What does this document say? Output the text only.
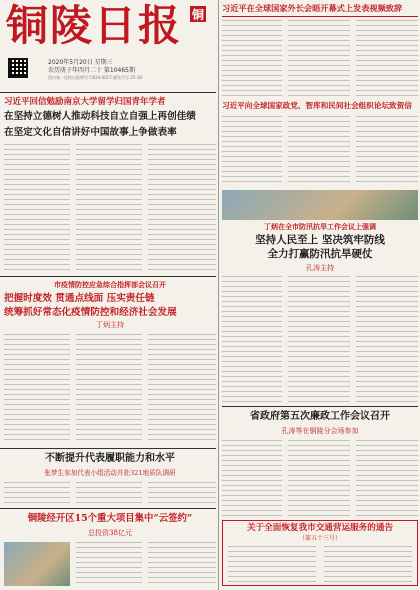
铜陵日报
2020年5月20日 星期三
农历庚子年四月二十 第10465期
国内统一连续出版物号 CN34-0017 邮发代号 25-18
铜 习近平在全球国家外长会晤开幕式上发表视频致辞
习近平向全球国家政党、智库和民间社会组织论坛致贺信
习近平回信勉励南京大学留学归国青年学者
在坚持立德树人推动科技自立自强上再创佳绩
在坚定文化自信讲好中国故事上争做表率
丁炳在全市防汛抗旱工作会议上强调
坚持人民至上 坚决筑牢防线
全力打赢防汛抗旱硬仗
孔涛主持
市疫情防控应急综合指挥部会议召开
把握时度效 贯通点线面 压实责任链
统筹抓好常态化疫情防控和经济社会发展
丁炳主持
省政府第五次廉政工作会议召开
孔涛等在铜陵分会场参加
不断提升代表履职能力和水平
张梦生参加代表小组活动并赴321地质队调研
铜陵经开区15个重大项目集中“云签约”
总投资38亿元	关于全面恢复我市交通营运服务的通告
（第五十三号）
